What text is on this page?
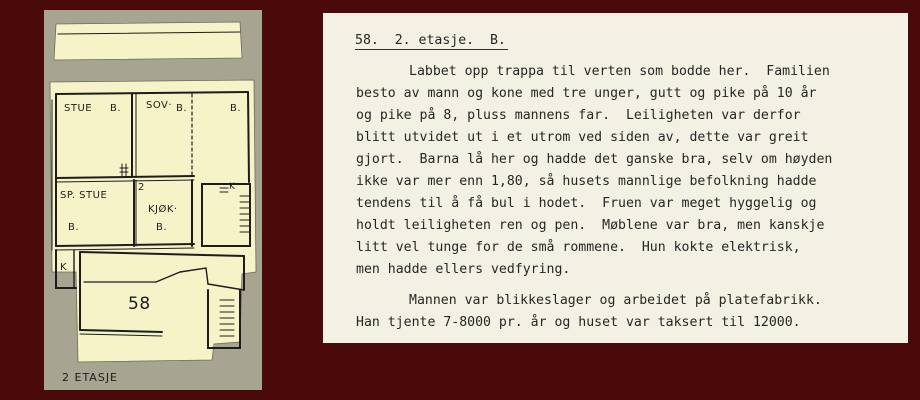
STUE B. SOV· B.	B.
SP. STUE
B.
KJØK·
B.
2
K
K
58
2 ETASJE
58.  2. etasje.  B.
Labbet opp trappa til verten som bodde her.  Familien
besto av mann og kone med tre unger, gutt og pike på 10 år
og pike på 8, pluss mannens far.  Leiligheten var derfor
blitt utvidet ut i et utrom ved siden av, dette var greit
gjort.  Barna lå her og hadde det ganske bra, selv om høyden
ikke var mer enn 1,80, så husets mannlige befolkning hadde
tendens til å få bul i hodet.  Fruen var meget hyggelig og
holdt leiligheten ren og pen.  Møblene var bra, men kanskje
litt vel tunge for de små rommene.  Hun kokte elektrisk,
men hadde ellers vedfyring.
Mannen var blikkeslager og arbeidet på platefabrikk.
Han tjente 7-8000 pr. år og huset var taksert til 12000.
